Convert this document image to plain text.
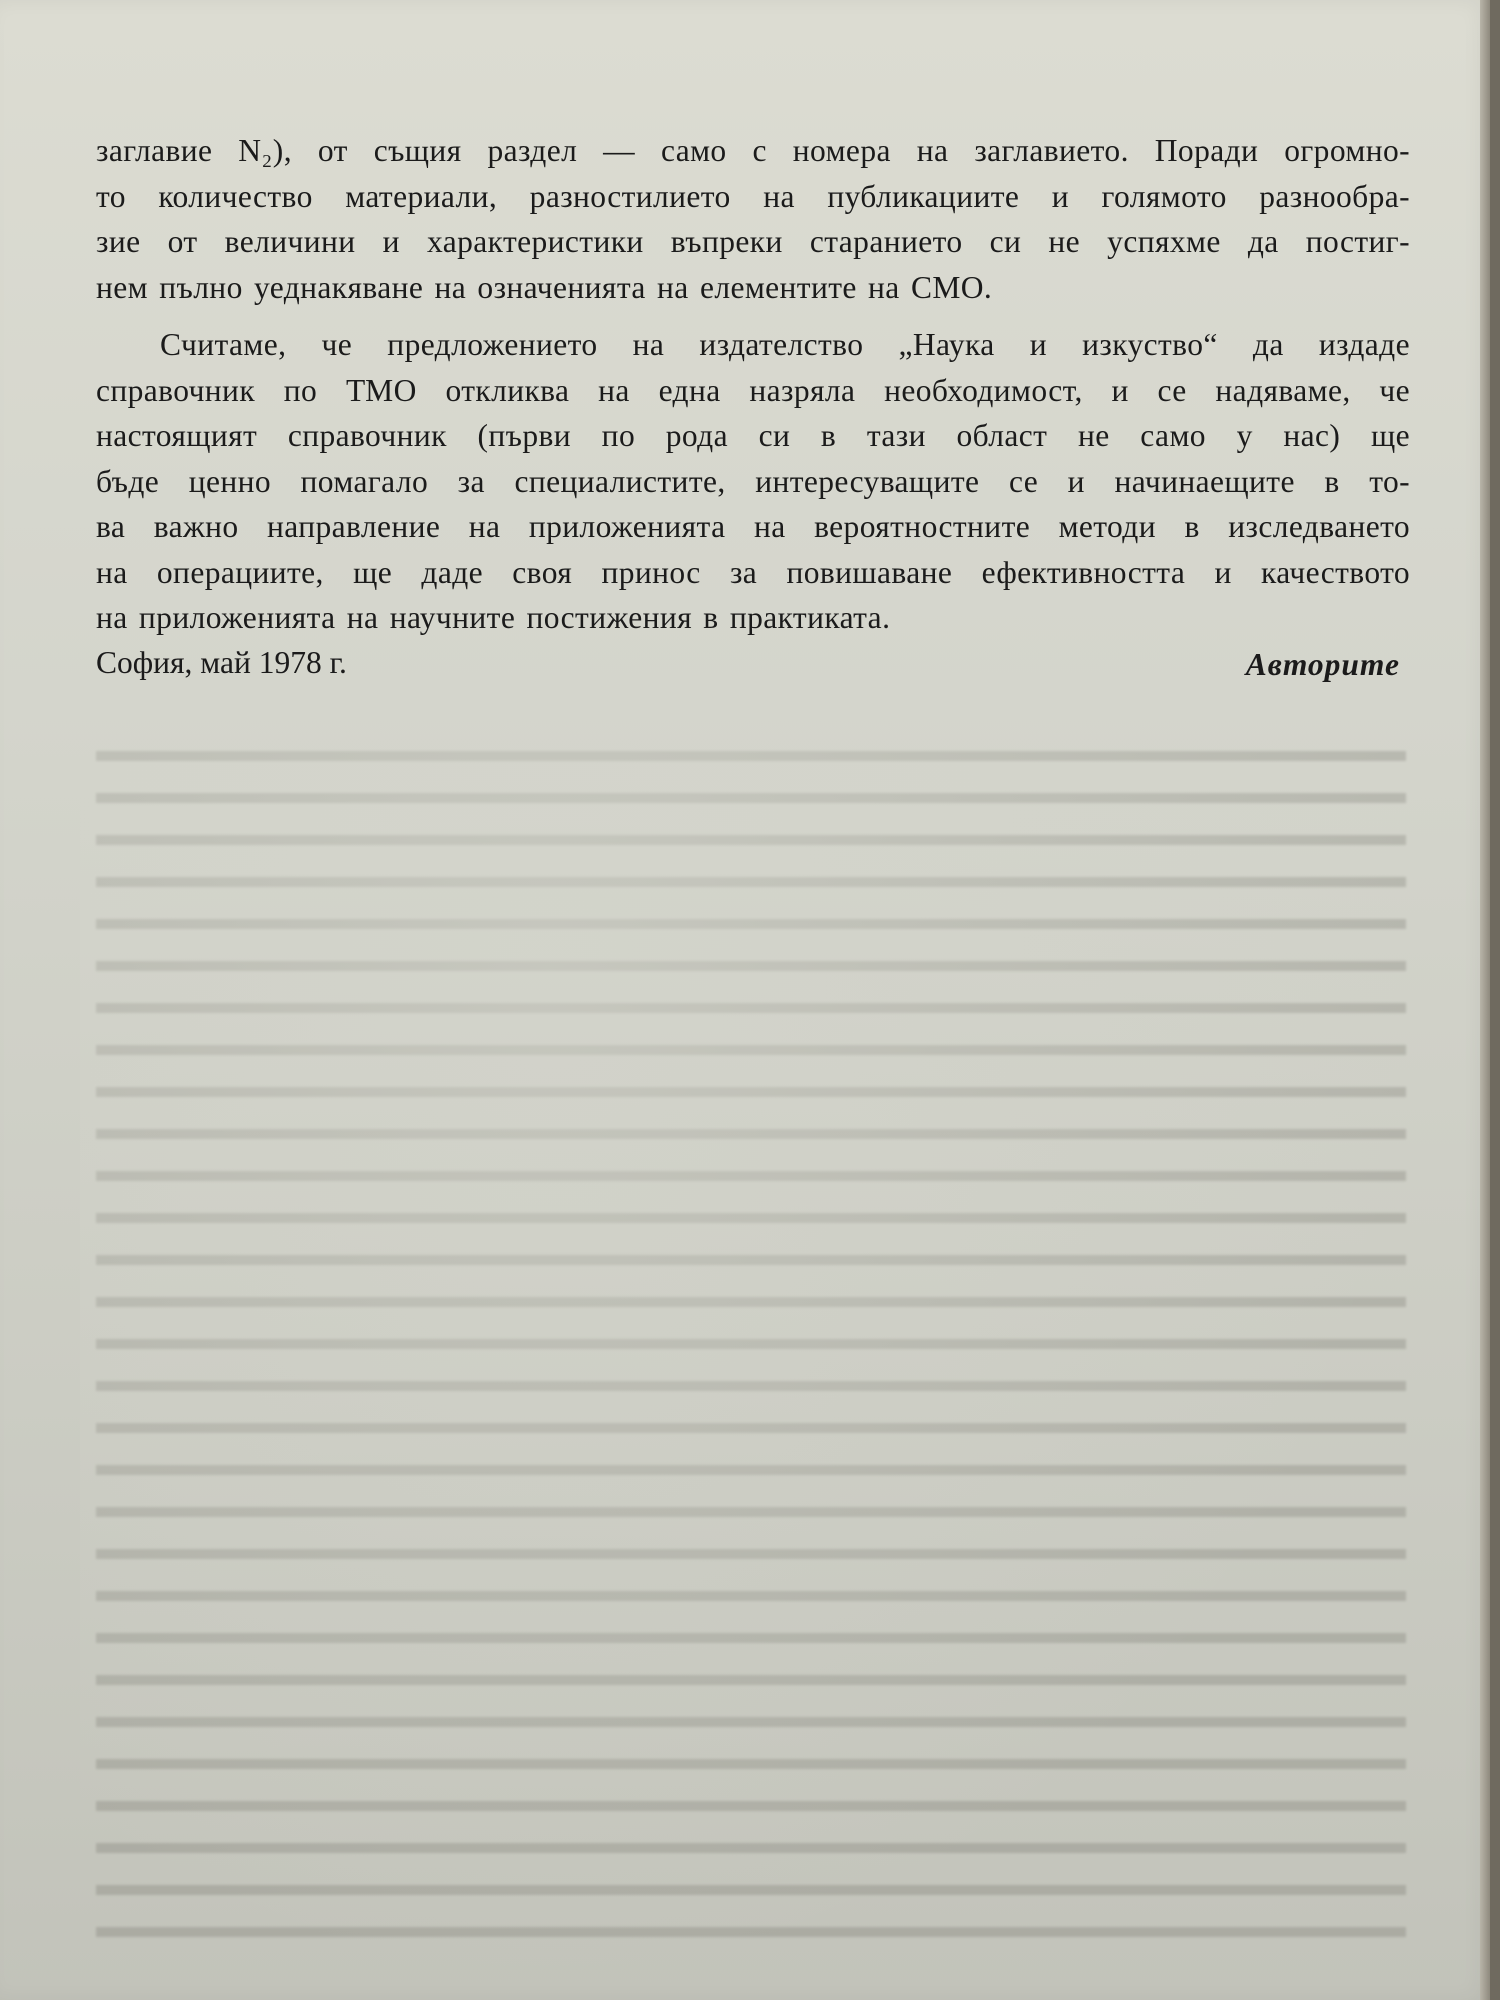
заглавие N₂), от същия раздел — само с номера на заглавието. Поради огромно-
то количество материали, разностилието на публикациите и голямото разнообра-
зие от величини и характеристики въпреки старанието си не успяхме да постиг-
нем пълно уеднакяване на означенията на елементите на СМО.
Считаме, че предложението на издателство „Наука и изкуство“ да издаде
справочник по ТМО откликва на една назряла необходимост, и се надяваме, че
настоящият справочник (първи по рода си в тази област не само у нас) ще
бъде ценно помагало за специалистите, интересуващите се и начинаещите в то-
ва важно направление на приложенията на вероятностните методи в изследването
на операциите, ще даде своя принос за повишаване ефективността и качеството
на приложенията на научните постижения в практиката.
София, май 1978 г.	Авторите
